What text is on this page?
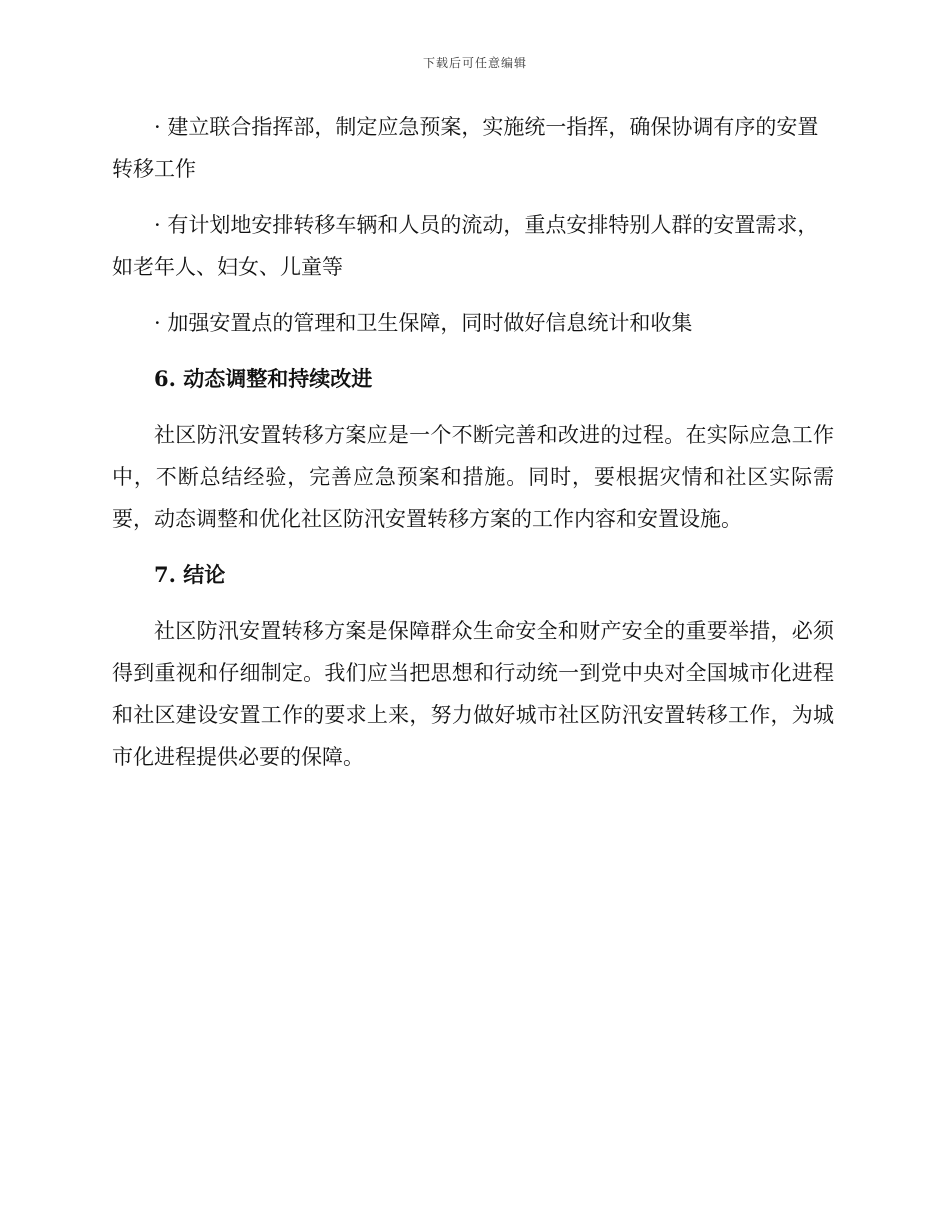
下载后可任意编辑

· 建立联合指挥部，制定应急预案，实施统一指挥，确保协调有序的安置转移工作

· 有计划地安排转移车辆和人员的流动，重点安排特别人群的安置需求，如老年人、妇女、儿童等

· 加强安置点的管理和卫生保障，同时做好信息统计和收集

6. 动态调整和持续改进

社区防汛安置转移方案应是一个不断完善和改进的过程。在实际应急工作中，不断总结经验，完善应急预案和措施。同时，要根据灾情和社区实际需要，动态调整和优化社区防汛安置转移方案的工作内容和安置设施。

7. 结论

社区防汛安置转移方案是保障群众生命安全和财产安全的重要举措，必须得到重视和仔细制定。我们应当把思想和行动统一到党中央对全国城市化进程和社区建设安置工作的要求上来，努力做好城市社区防汛安置转移工作，为城市化进程提供必要的保障。
